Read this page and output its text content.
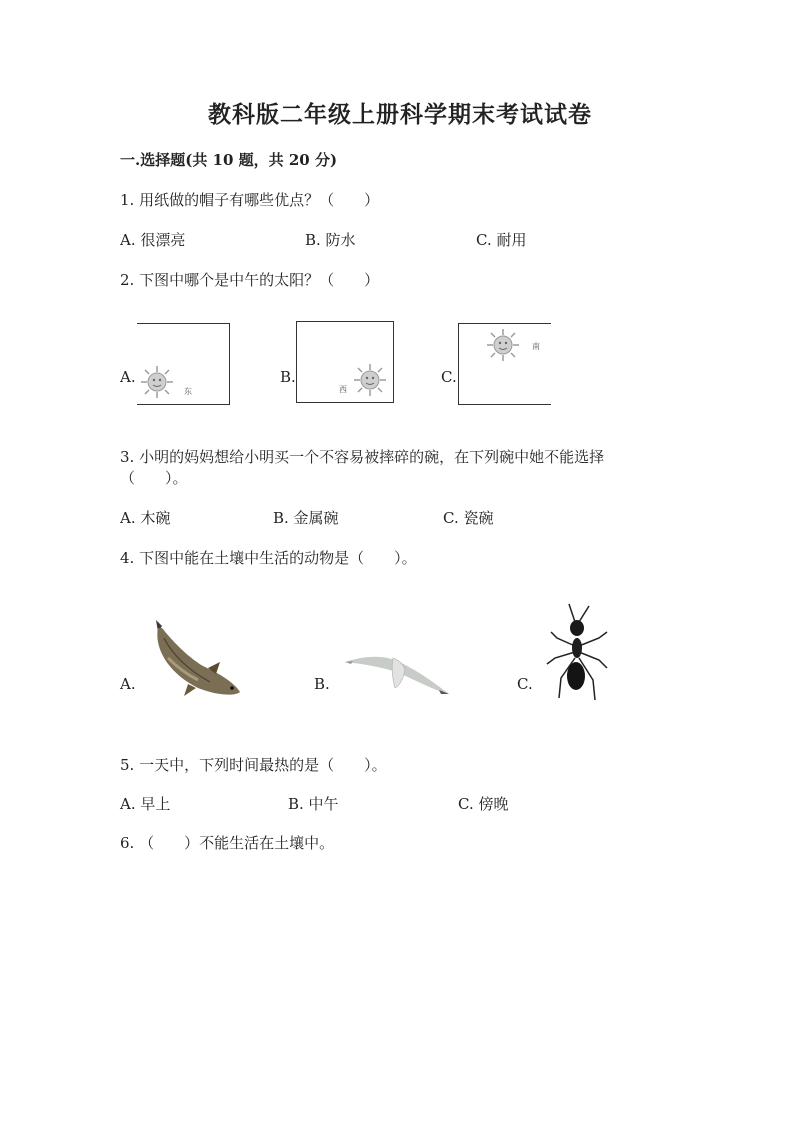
教科版二年级上册科学期末考试试卷
一.选择题(共 10 题，共 20 分)
1. 用纸做的帽子有哪些优点？（　　）
A. 很漂亮	B. 防水	C. 耐用
2. 下图中哪个是中午的太阳？（　　）
A.
东
B.
西
C.
南
3. 小明的妈妈想给小明买一个不容易被摔碎的碗，在下列碗中她不能选择
（　　）。
A. 木碗	B. 金属碗	C. 瓷碗
4. 下图中能在土壤中生活的动物是（　　）。
A.	B.	C.
5. 一天中，下列时间最热的是（　　）。
A. 早上	B. 中午	C. 傍晚
6. （　　）不能生活在土壤中。
